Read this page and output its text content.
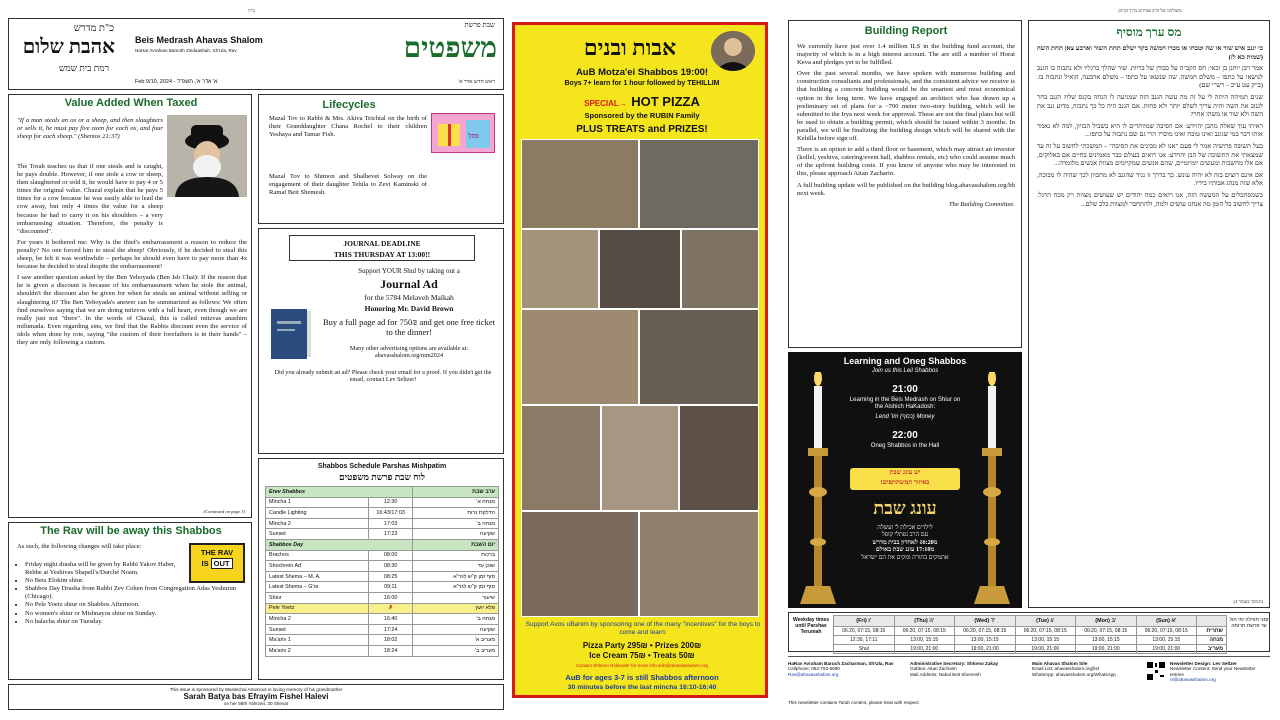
ב"ה
כ"ת מדרש
אהבת שלום
רמת בית שמש
Beis Medrash Ahavas Shalom
NaHar Avraham Bamoth Zindaashah, Sh'Ula, Rav
Feb 9/10, 2024 - א' אדר א', תשפ"ד
שבת פרשת
משפטים
ראש חדש אדר א'
Value Added When Taxed
"If a man steals an ox or a sheep, and then slaughters or sells it, he must pay five oxen for each ox, and four sheep for each sheep." (Shemos 21:37)
The Torah teaches us that if one steals and is caught, he pays double. However, if one stole a cow or sheep, then slaughtered or sold it, he would have to pay 4 or 5 times the original value. Chazal explain that he pays 5 times for a cow because he was easily able to lead the cow away, but only 4 times the value for a sheep because he had to carry it on his shoulders – a very embarrassing situation. Therefore, the penalty is "discounted".

For years it bothered me: Why is the thief's embarrassment a reason to reduce the penalty? No one forced him to steal the sheep! Obviously, if he decided to steal this sheep, he felt it was worthwhile – perhaps he should even have to pay more than 4x because he decided to steal despite the embarrassment!

I saw another question asked by the Ben Yehoyada (Ben Ish Chai): If the reason that he is given a discount is because of his embarrassment when he stole the animal, shouldn't the discount also be given for when he steals an animal without selling or slaughtering it? The Ben Yehoyada's answer can be summarized as follows: We often find ourselves saying that we are doing mitzvos with a full heart, even though we are really just not "there". In the words of Chazal, this is called mitzvas anashim milumada. Even regarding sins, we find that the Rabbis discount even the service of idols when done by rote, saying "the custom of their forefathers is in their hands" – they are only following a custom.

(Continued on page 3)
The Rav will be away this Shabbos
THE RAV
IS OUT
As such, the following changes will take place:
• Friday night drasha will be given by Rabbi Yakov Haber, Rebbe at Yeshivas Shapell's/Darché Noam.
• No Beis Elokim shiur.
• Shabbos Day Drasha from Rabbi Zev Cohen from Congregation Adas Yeshurun (Chicago).
• No Pele Yoetz shiur on Shabbos Afternoon.
• No women's shiur or Mishnayos shiur on Sunday.
• No halacha shiur on Tuesday.
This issue is sponsored by Mordechai Americus in loving memory of his grandmother
Sarah Batya bas Efrayim Fishel Halevi
on her 56th Yahrzeit, 30 Shevat
Lifecycles
מזל
Mazal Tov to Rabbi & Mrs. Akiva Teichtal on the birth of their Granddaughter Chana Rochel to their children Yeshaya and Tamar Fish.
Mazal Tov to Shimon and Shalhevet Solway on the engagement of their daughter Tehila to Zevi Kaminski of Ramat Beit Shemesh.
JOURNAL DEADLINE
THIS THURSDAY AT 13:00!!
Support YOUR Shul by taking out a
Journal Ad
for the 5784 Melaveh Malkah
Honoring Mr. David Brown
Buy a full page ad for 750₪ and get one free ticket to the dinner!
Many other advertising options are available at: ahavasshalom.org/mm2024
Did you already submit an ad? Please check your email for a proof. If you didn't get the email, contact Lev Seltzer!
Shabbos Schedule Parshas Mishpatim
לוח שבת פרשת משפטים
Erev Shabbos		ערב שבת
Mincha 1	12:30	מנחה א'
Candle Lighting	16:43/17:03	הדלקת נרות
Mincha 2	17:03	מנחה ב'
Sunset	17:23	שקיעה
Shabbos Day		יום השבת
Brachos	08:00	ברכות
Shochrein Ad	08:30	שוכן עד
Latest Shema – M. A.	08:25	סוף זמן ק"ש לגר"א
Latest Shema – G'ra	09:11	סוף זמן ק"ש לגר"א
Shiur	16:00	שיעור
Pele Yoetz	✗	פלא יועץ
Mincha 2	16:40	מנחה ב'
Sunset	17:24	שקיעה
Ma'ariv 1	18:02	מעריב א'
Ma'ariv 2	18:24	מעריב ב'
אבות ובנים
AuB Motza'ei Shabbos 19:00!
Boys 7+ learn for 1 hour followed by TEHILLIM
SPECIAL→ HOT PIZZA
Sponsored by the RUBIN Family
PLUS TREATS and PRIZES!
Support Avos uBanim by sponsoring one of the many "incentives" for the boys to come and learn:
Pizza Party 295₪ • Prizes 200₪
Ice Cream 75₪ • Treats 50₪
Contact Shlomo Hollander for more info aub@ahavasshalom.org
AuB for ages 3-7 is still Shabbos afternoon
30 minutes before the last mincha 16:10-16:40
משולחנו של הרב אברהם ברוך זכרמן
Building Report

We currently have just over 1.4 million ILS in the building fund account, the majority of which is in a high interest account. The are still a number of Horat Keva and pledges yet to be fulfilled.

Over the past several months, we have spoken with numerous building and construction consultants and professionals, and the consistent advice we receive is that building a concrete building would be the smartest and most economical option in the long term. We have engaged an architect who has drawn up a preliminary set of plans for a ~700 meter two-story building, which will be submitted to the Irya next week for approval. These are not the final plans but will be used to obtain a building permit, which should be issued within 3 months. In parallel, we will be finalizing the building design which will be shared with the Kehilla before sign off.

There is an option to add a third floor or basement, which may attract an investor (kollel, yeshiva, catering/event hall, shabbos rentals, etc) who could assume much of the upfront building costs. If you know of anyone who may be interested in this, please approach Aitan Zacharin.

A full building update will be published on the building blog.ahavasshalom.org/bb next week.

The Building Committee.

Learning and Oneg Shabbos
Join us this Leil Shabbos
21:00
Learning in the Beis Medrash on Shiur on the Alshich HaKadosh:
Lend 'Im (כסף) Money
22:00
Oneg Shabbos in the Hall
יש עונג שבת
באיזור המשתתפים!
עונג שבת
לילדים אכילת ל' ועשלה
עם הרב נפתלי קופל
מ16:20 לאחרון בבית מדרש
מ17:10 עונג שבת באולם
אתמקים בתורה ומקים את הם ישראל
מס ערך מוסיף

כי יגנב איש שור או שה וטבחו או מכרו חמשה בקר ישלם תחת השור וארבע צאן תחת השה (שמות כא לז)

אמר רבן יוחנן בן זכאי: חס הקב"ה על כבודן של בריות. שור שהלך ברגליו ולא נתבזה בו הגנב לנושאו על כתפו – משלם חמשה. שה שנשאו על כתפו – משלם ארבעה, הואיל ונתבזה בו. (ב"ק עט ע"ב – רש"י שם)

שנים תמיהה היתה לי על זה מה עשה הגנב הזה שמגיעה לו הנחה בקנס שלו? הגנב בחר לגנוב את השה והיה צריך לשלם יותר ולא פחות. אם הגנב היה כל כך נתבזה, מדוע גנב את השה ולא שור או משהו אחר?

ראיתי עוד שאלה מהבן יהוידע: אם הסיבה שמוותרים לו היא בשביל הבזיון, למה לא נאמר אותו דבר במי שגונב ואינו טובח ואינו מוכר? הרי גם שם נתבזה על כתפו...

בעל תשובה פרושיה אמר לי פעם "אנו לא מבינים את הסיבה" – המשכתי לחשוב על זה עד שמצאתי את התשובה של הבן יהוידע: אנו רואים בעולם כבר מאמינים בחיים אם באלוקים, אם אלו מחשבות ומעשים יומיומיים, שהם אנשים שמקיימים מצוות אנשים מלומדה...

אם אינם רוצים בזה לא יהיה עונש. כך בדרך זו נגיד שהגנב לא מתכוון לכך שהיה לו מבוכה, אלא שזה מנהג אבותיו בידיו.

כשמסתכלים על המעשה הזה, אנו רואים כמה יהודים יש שעושים מצוות רק מכח הרגל. צריך לחשוב כל הזמן מה אנחנו עושים ולמה, ולהתחבר למצוות בלב שלם...

(המשך בעמוד 3)
Weekday times until Parshas Terumah
זמני תפילה ימי חול עד פרשת תרומה
(Fri) ו'	(Thu) ה'	(Wed) ד'	(Tue) ג'	(Mon) ב'	(Sun) א'	
06:20, 07:15, 08:15	06:20, 07:15, 08:15	06:20, 07:15, 08:15	06:20, 07:15, 08:15	06:20, 07:15, 08:15	06:20, 07:15, 08:15	שחרית
12:30, 17:11	13:00, 15:15	13:00, 15:15	13:00, 15:15	13:00, 15:15	13:00, 15:15	מנחה
Shul	19:00, 21:00	19:00, 21:00	19:00, 21:00	19:00, 21:00	19:00, 21:00	מעריב
HaRav Avraham Baruch Zacharman, Sh'Ula, Rav
Cellphone: 052-763-5690
Rav@ahavasshalom.org
Administrative Secretary: Shlomo Zakay
Gabbai: Aitan Zacharin
Mail Address: Nahal Beit Shemesh
Main Ahavas Shalom Site
Email List: ahavasshalom.org/list
WhatsApp: ahavasshalom.org/WhatsApp
Newsletter Design: Lev Seltzer
Newsletter Content: Send your Newsletter entries
nl@ahavasshalom.org
This newsletter contains Torah content, please treat with respect
